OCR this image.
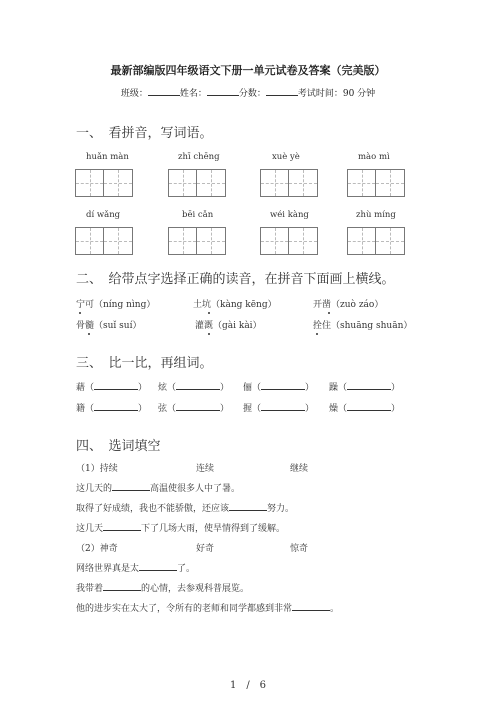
最新部编版四年级语文下册一单元试卷及答案（完美版）
班级：	姓名：	分数：	考试时间：90 分钟
一、　看拼音，写词语。
huǎn màn	zhī chēng	xuè yè	mào mì
dí wǎng	bēi cǎn	wéi kàng	zhù míng
二、　给带点字选择正确的读音，在拼音下面画上横线。
宁可（níng nìng）	土坑（kàng kēng）	开凿（zuò záo）
骨髓（suǐ suí）	灌溉（gài kài）	拴住（shuāng shuān）
三、　比一比，再组词。
藉（	） 炫（	） 俪（	） 躁（	）
籍（	） 弦（	） 握（	） 燥（	）
四、　选词填空
（1）持续	连续	继续
这几天的	高温使很多人中了暑。
取得了好成绩，我也不能骄傲，还应该	努力。
这几天	下了几场大雨，使旱情得到了缓解。
（2）神奇	好奇	惊奇
网络世界真是太	了。
我带着	的心情，去参观科普展览。
他的进步实在太大了，令所有的老师和同学都感到非常	。
1　/　6
